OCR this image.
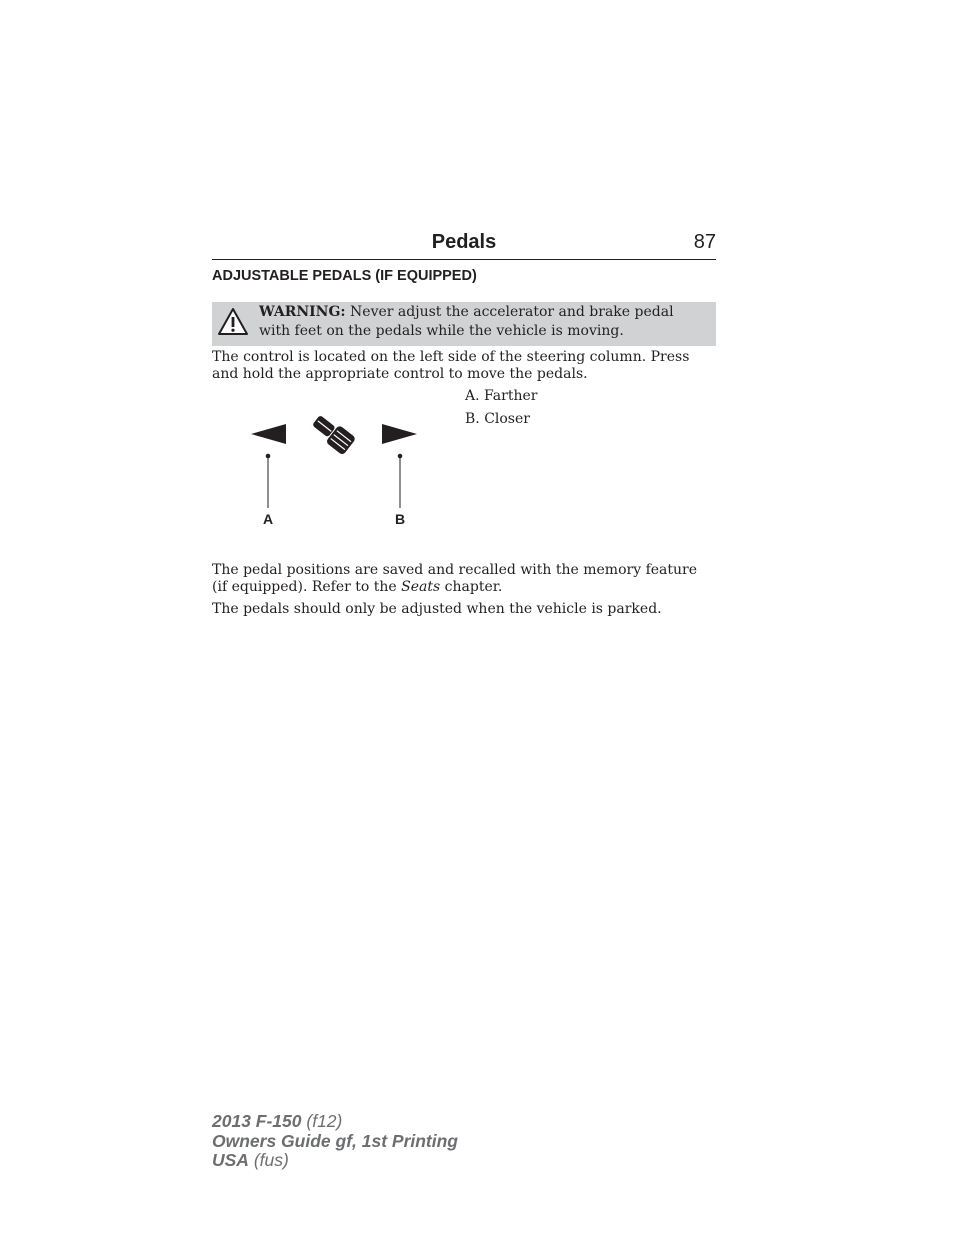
Pedals	87
ADJUSTABLE PEDALS (IF EQUIPPED)
WARNING: Never adjust the accelerator and brake pedal with feet on the pedals while the vehicle is moving.
The control is located on the left side of the steering column. Press and hold the appropriate control to move the pedals.
A. Farther
B. Closer
A	B
The pedal positions are saved and recalled with the memory feature (if equipped). Refer to the Seats chapter.
The pedals should only be adjusted when the vehicle is parked.
2013 F-150 (f12)
Owners Guide gf, 1st Printing
USA (fus)
